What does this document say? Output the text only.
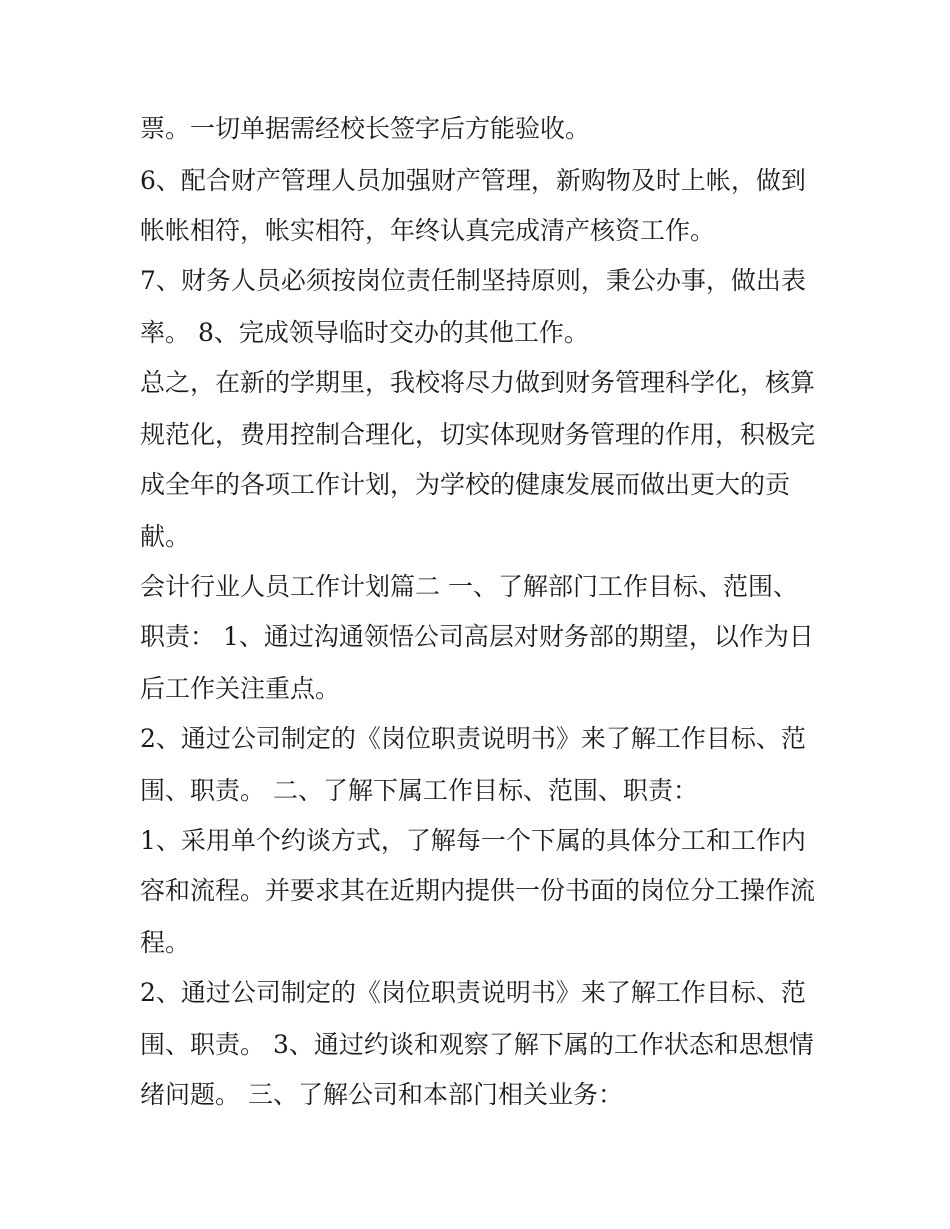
票。一切单据需经校长签字后方能验收。

6、配合财产管理人员加强财产管理，新购物及时上帐，做到

帐帐相符，帐实相符，年终认真完成清产核资工作。

7、财务人员必须按岗位责任制坚持原则，秉公办事，做出表

率。 8、完成领导临时交办的其他工作。

总之，在新的学期里，我校将尽力做到财务管理科学化，核算

规范化，费用控制合理化，切实体现财务管理的作用，积极完

成全年的各项工作计划，为学校的健康发展而做出更大的贡

献。

会计行业人员工作计划篇二 一、了解部门工作目标、范围、

职责： 1、通过沟通领悟公司高层对财务部的期望，以作为日

后工作关注重点。

2、通过公司制定的《岗位职责说明书》来了解工作目标、范

围、职责。 二、了解下属工作目标、范围、职责：

1、采用单个约谈方式，了解每一个下属的具体分工和工作内

容和流程。并要求其在近期内提供一份书面的岗位分工操作流

程。

2、通过公司制定的《岗位职责说明书》来了解工作目标、范

围、职责。 3、通过约谈和观察了解下属的工作状态和思想情

绪问题。 三、了解公司和本部门相关业务：
